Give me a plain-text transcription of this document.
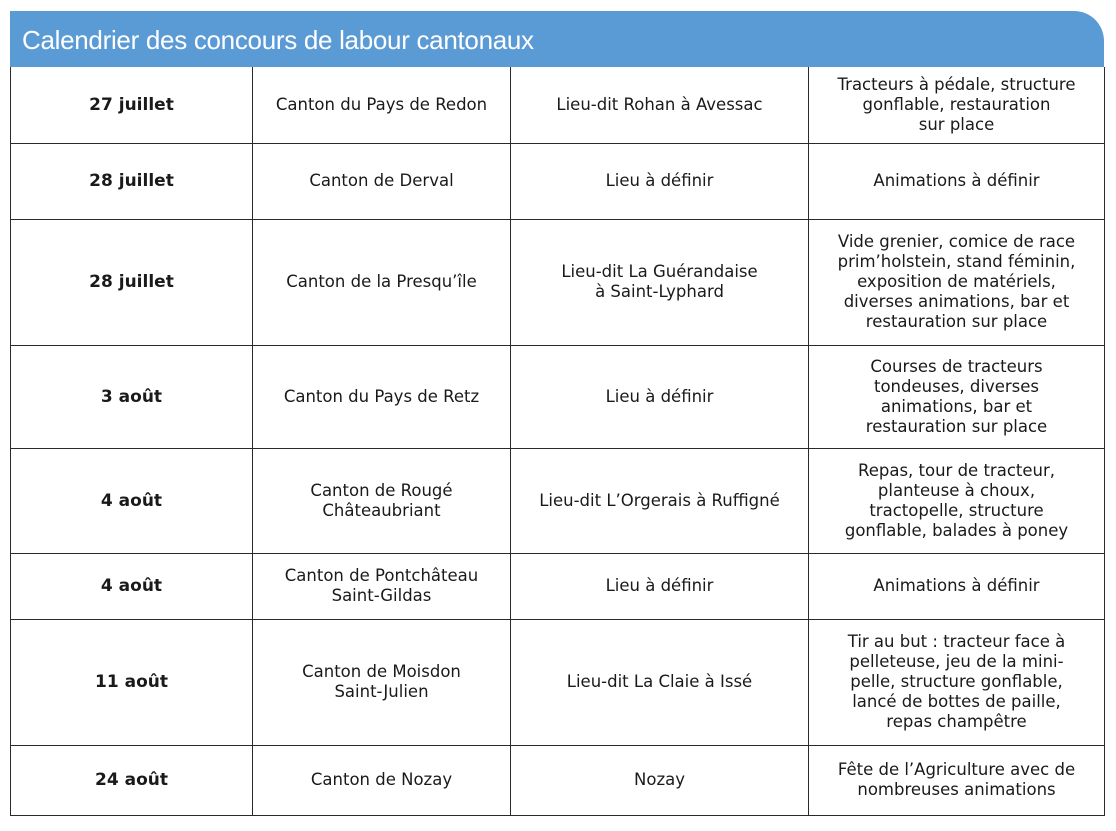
Calendrier des concours de labour cantonaux
27 juillet	Canton du Pays de Redon	Lieu-dit Rohan à Avessac	Tracteurs à pédale, structure
gonflable, restauration
sur place
28 juillet	Canton de Derval	Lieu à définir	Animations à définir
28 juillet	Canton de la Presqu’île	Lieu-dit La Guérandaise
à Saint-Lyphard	Vide grenier, comice de race
prim’holstein, stand féminin,
exposition de matériels,
diverses animations, bar et
restauration sur place
3 août	Canton du Pays de Retz	Lieu à définir	Courses de tracteurs
tondeuses, diverses
animations, bar et
restauration sur place
4 août	Canton de Rougé
Châteaubriant	Lieu-dit L’Orgerais à Ruffigné	Repas, tour de tracteur,
planteuse à choux,
tractopelle, structure
gonflable, balades à poney
4 août	Canton de Pontchâteau
Saint-Gildas	Lieu à définir	Animations à définir
11 août	Canton de Moisdon
Saint-Julien	Lieu-dit La Claie à Issé	Tir au but : tracteur face à
pelleteuse, jeu de la mini-
pelle, structure gonflable,
lancé de bottes de paille,
repas champêtre
24 août	Canton de Nozay	Nozay	Fête de l’Agriculture avec de
nombreuses animations
